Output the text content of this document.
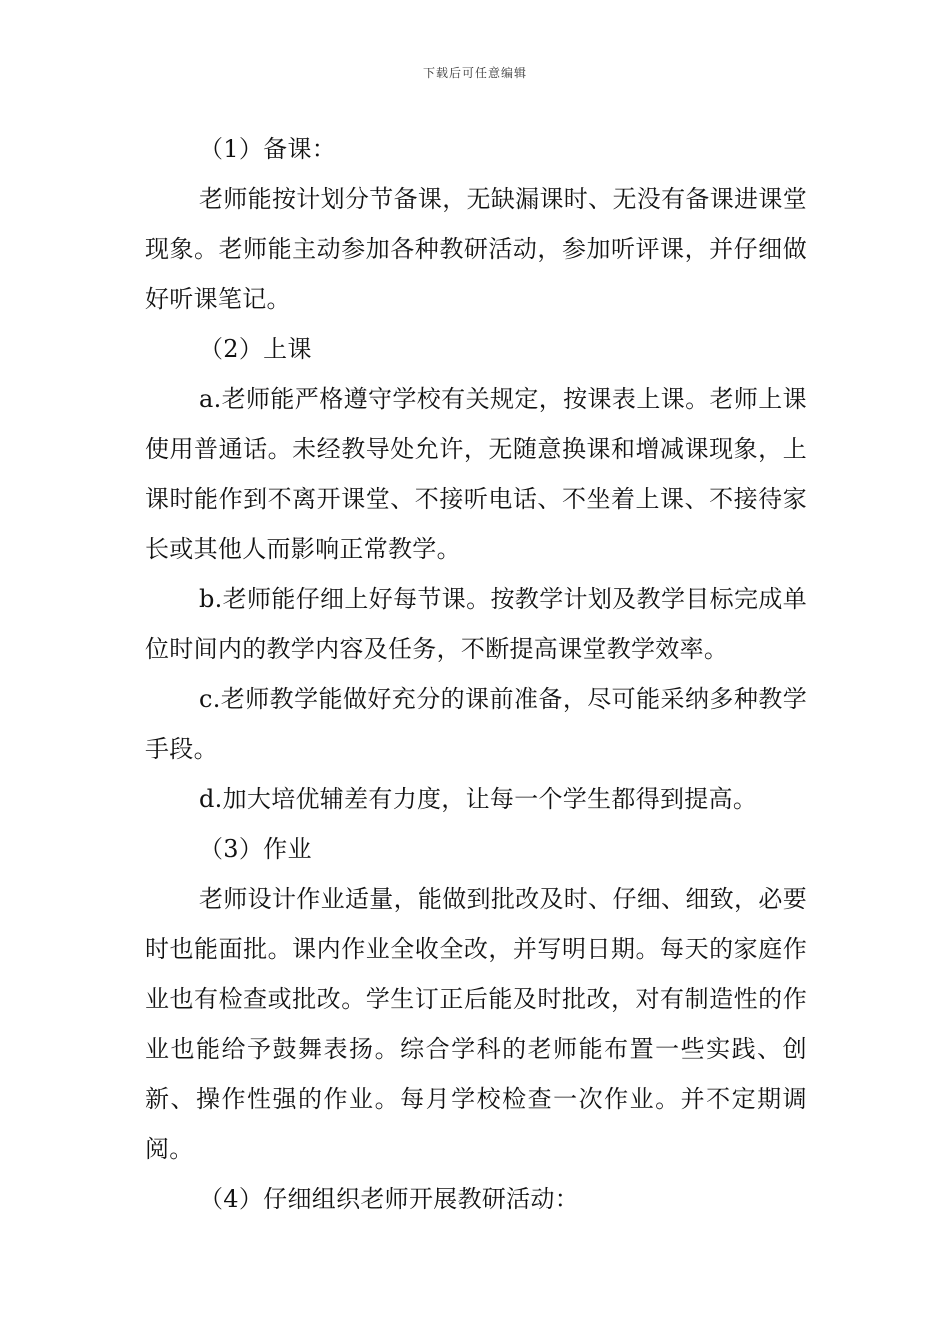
下载后可任意编辑

（1）备课：

老师能按计划分节备课，无缺漏课时、无没有备课进课堂现象。老师能主动参加各种教研活动，参加听评课，并仔细做好听课笔记。

（2）上课

a.老师能严格遵守学校有关规定，按课表上课。老师上课使用普通话。未经教导处允许，无随意换课和增减课现象，上课时能作到不离开课堂、不接听电话、不坐着上课、不接待家长或其他人而影响正常教学。

b.老师能仔细上好每节课。按教学计划及教学目标完成单位时间内的教学内容及任务，不断提高课堂教学效率。

c.老师教学能做好充分的课前准备，尽可能采纳多种教学手段。

d.加大培优辅差有力度，让每一个学生都得到提高。

（3）作业

老师设计作业适量，能做到批改及时、仔细、细致，必要时也能面批。课内作业全收全改，并写明日期。每天的家庭作业也有检查或批改。学生订正后能及时批改，对有制造性的作业也能给予鼓舞表扬。综合学科的老师能布置一些实践、创新、操作性强的作业。每月学校检查一次作业。并不定期调阅。

（4）仔细组织老师开展教研活动：
